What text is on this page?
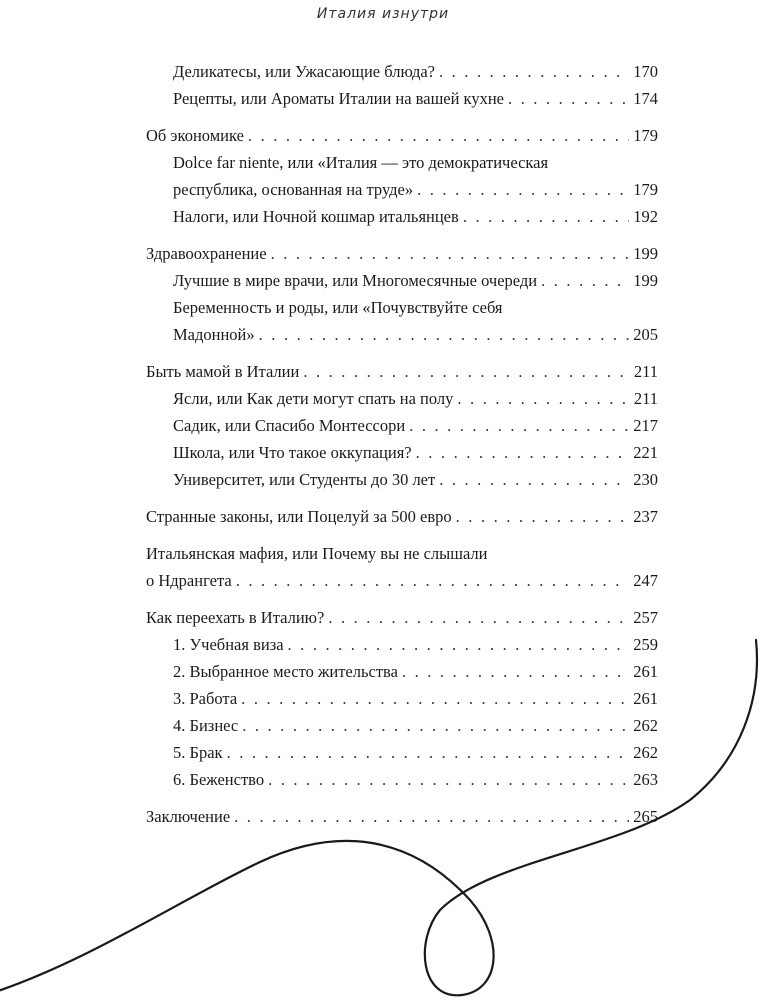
Италия изнутри
Деликатесы, или Ужасающие блюда? . . .	170
Рецепты, или Ароматы Италии на вашей кухне . . .	174
Об экономике . . .	179
Dolce far niente, или «Италия — это демократическая
республика, основанная на труде» . . .	179
Налоги, или Ночной кошмар итальянцев . . .	192
Здравоохранение . . .	199
Лучшие в мире врачи, или Многомесячные очереди . . .	199
Беременность и роды, или «Почувствуйте себя
Мадонной» . . .	205
Быть мамой в Италии . . .	211
Ясли, или Как дети могут спать на полу . . .	211
Садик, или Спасибо Монтессори . . .	217
Школа, или Что такое оккупация? . . .	221
Университет, или Студенты до 30 лет . . .	230
Странные законы, или Поцелуй за 500 евро . . .	237
Итальянская мафия, или Почему вы не слышали
о Ндрангета . . .	247
Как переехать в Италию? . . .	257
1. Учебная виза . . .	259
2. Выбранное место жительства . . .	261
3. Работа . . .	261
4. Бизнес . . .	262
5. Брак . . .	262
6. Беженство . . .	263
Заключение . . .	265
